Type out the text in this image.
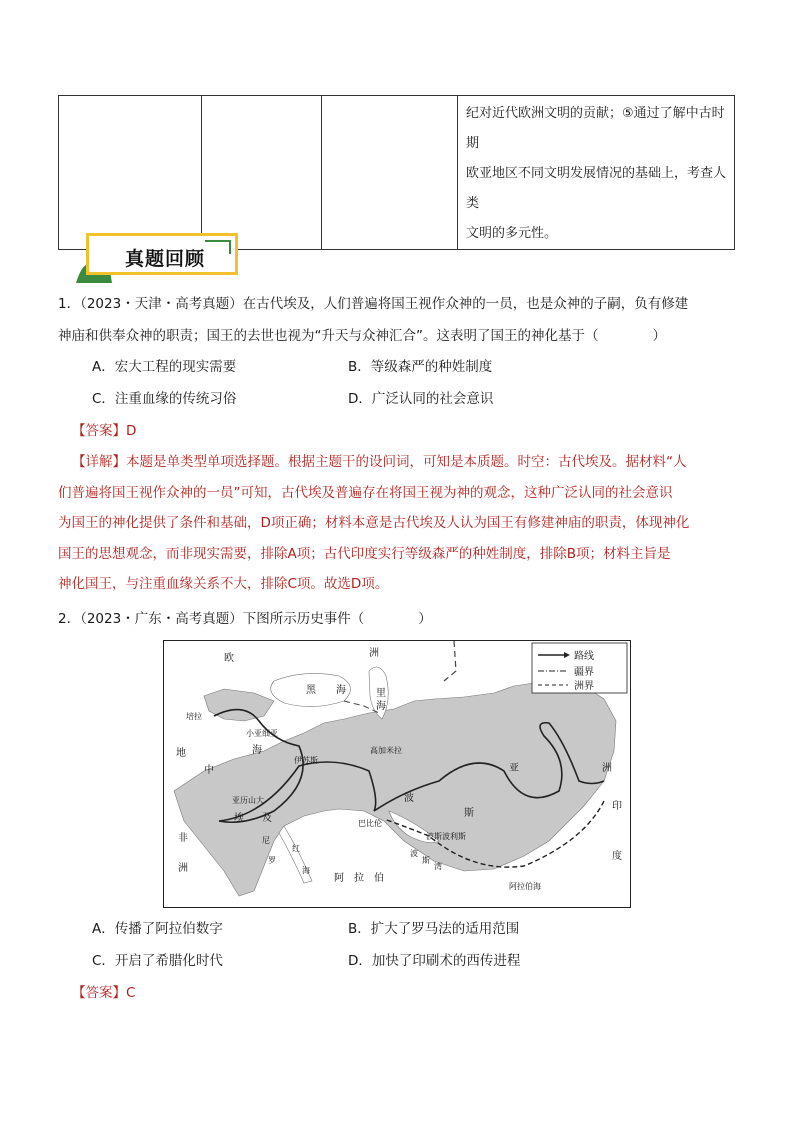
纪对近代欧洲文明的贡献；⑤通过了解中古时期
欧亚地区不同文明发展情况的基础上，考查人类
文明的多元性。
真题回顾
1．（2023・天津・高考真题）在古代埃及，人们普遍将国王视作众神的一员，也是众神的子嗣，负有修建
神庙和供奉众神的职责；国王的去世也视为“升天与众神汇合”。这表明了国王的神化基于（　　　　）
A．宏大工程的现实需要	B．等级森严的种姓制度
C．注重血缘的传统习俗	D．广泛认同的社会意识
【答案】D
【详解】本题是单类型单项选择题。根据主题干的设问词，可知是本质题。时空：古代埃及。据材料“人
们普遍将国王视作众神的一员”可知，古代埃及普遍存在将国王视为神的观念，这种广泛认同的社会意识
为国王的神化提供了条件和基础，D项正确；材料本意是古代埃及人认为国王有修建神庙的职责，体现神化
国王的思想观念，而非现实需要，排除A项；古代印度实行等级森严的种姓制度，排除B项；材料主旨是
神化国王，与注重血缘关系不大，排除C项。故选D项。
2．（2023・广东・高考真题）下图所示历史事件（　　　　）
路线
疆界
洲界
欧	洲
黑 海	里
海
地
中
海
培拉
小亚细亚
伊苏斯
高加米拉
亚历山大
巴比伦
波斯波利斯
埃 及
波
斯
亚	洲
非
洲
阿　拉　伯
阿拉伯海
印
度
尼
罗
红
海
波
斯
湾
A．传播了阿拉伯数字	B．扩大了罗马法的适用范围
C．开启了希腊化时代	D．加快了印刷术的西传进程
【答案】C
